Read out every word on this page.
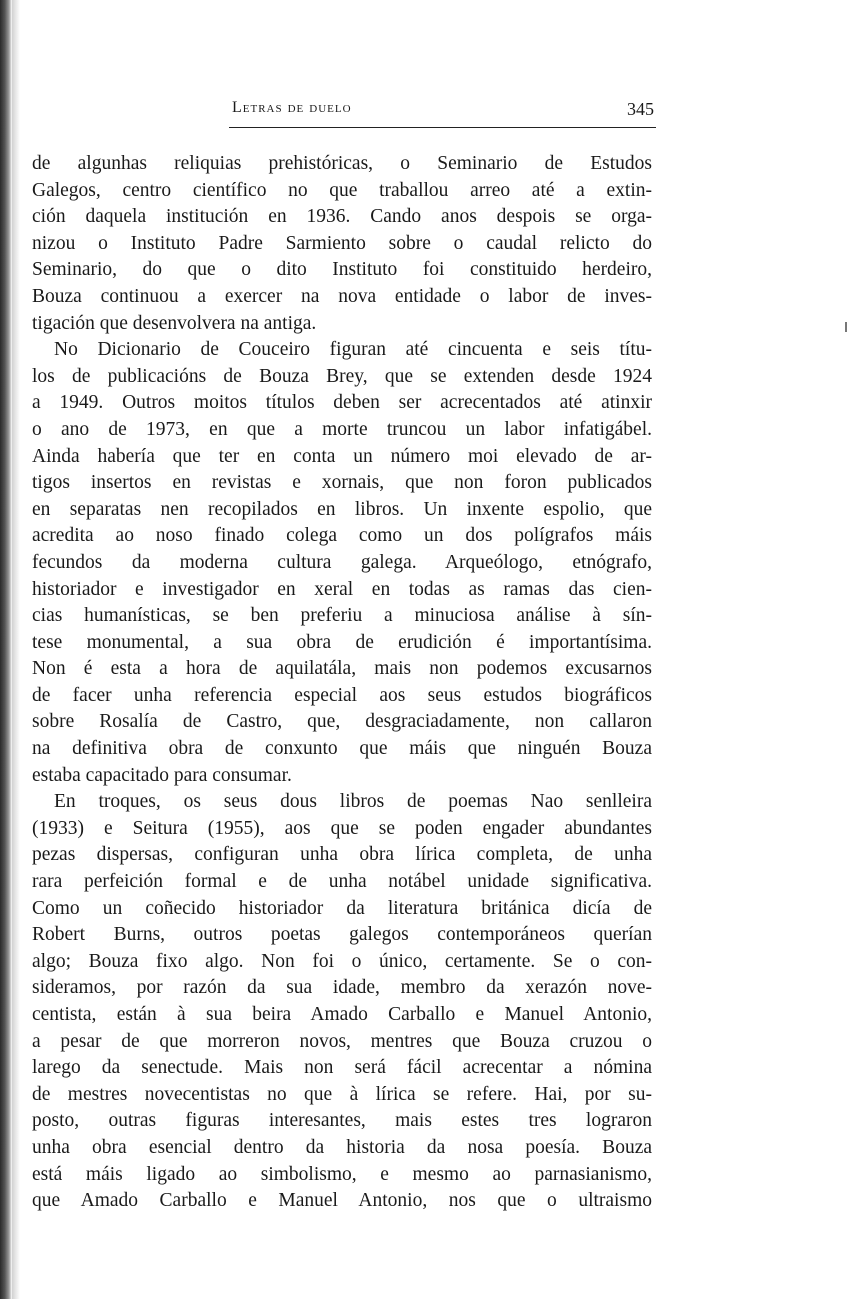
Letras de duelo	345
de algunhas reliquias prehistóricas, o Seminario de Estudos
Galegos, centro científico no que traballou arreo até a extin-
ción daquela institución en 1936. Cando anos despois se orga-
nizou o Instituto Padre Sarmiento sobre o caudal relicto do
Seminario, do que o dito Instituto foi constituido herdeiro,
Bouza continuou a exercer na nova entidade o labor de inves-
tigación que desenvolvera na antiga.
No Dicionario de Couceiro figuran até cincuenta e seis títu-
los de publicacións de Bouza Brey, que se extenden desde 1924
a 1949. Outros moitos títulos deben ser acrecentados até atinxir
o ano de 1973, en que a morte truncou un labor infatigábel.
Ainda habería que ter en conta un número moi elevado de ar-
tigos insertos en revistas e xornais, que non foron publicados
en separatas nen recopilados en libros. Un inxente espolio, que
acredita ao noso finado colega como un dos polígrafos máis
fecundos da moderna cultura galega. Arqueólogo, etnógrafo,
historiador e investigador en xeral en todas as ramas das cien-
cias humanísticas, se ben preferiu a minuciosa análise à sín-
tese monumental, a sua obra de erudición é importantísima.
Non é esta a hora de aquilatála, mais non podemos excusarnos
de facer unha referencia especial aos seus estudos biográficos
sobre Rosalía de Castro, que, desgraciadamente, non callaron
na definitiva obra de conxunto que máis que ninguén Bouza
estaba capacitado para consumar.
En troques, os seus dous libros de poemas Nao senlleira
(1933) e Seitura (1955), aos que se poden engader abundantes
pezas dispersas, configuran unha obra lírica completa, de unha
rara perfeición formal e de unha notábel unidade significativa.
Como un coñecido historiador da literatura británica dicía de
Robert Burns, outros poetas galegos contemporáneos querían
algo; Bouza fixo algo. Non foi o único, certamente. Se o con-
sideramos, por razón da sua idade, membro da xerazón nove-
centista, están à sua beira Amado Carballo e Manuel Antonio,
a pesar de que morreron novos, mentres que Bouza cruzou o
larego da senectude. Mais non será fácil acrecentar a nómina
de mestres novecentistas no que à lírica se refere. Hai, por su-
posto, outras figuras interesantes, mais estes tres lograron
unha obra esencial dentro da historia da nosa poesía. Bouza
está máis ligado ao simbolismo, e mesmo ao parnasianismo,
que Amado Carballo e Manuel Antonio, nos que o ultraismo
